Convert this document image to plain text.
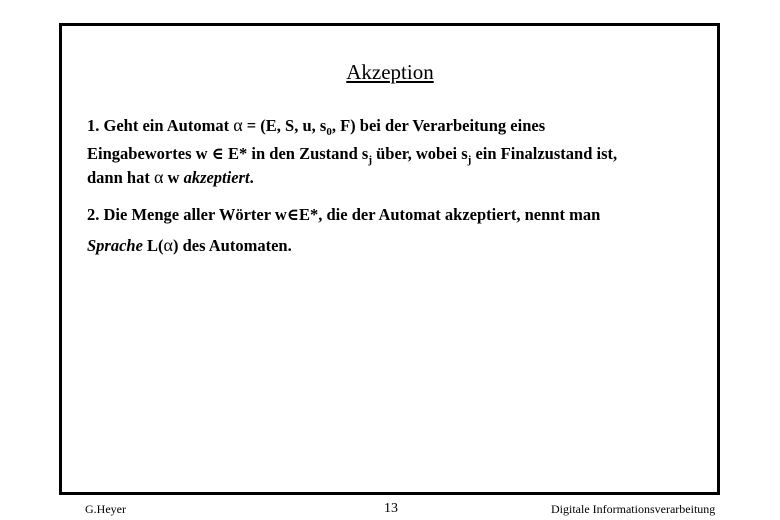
Akzeption
1. Geht ein Automat α = (E, S, u, $s_0$, F) bei der Verarbeitung eines
Eingabewortes w ∈ E* in den Zustand $s_j$ über, wobei $s_j$ ein Finalzustand ist,
dann hat α w akzeptiert.
2. Die Menge aller Wörter w∈E*, die der Automat akzeptiert, nennt man
Sprache L(α) des Automaten.
G.Heyer	13	Digitale Informationsverarbeitung
